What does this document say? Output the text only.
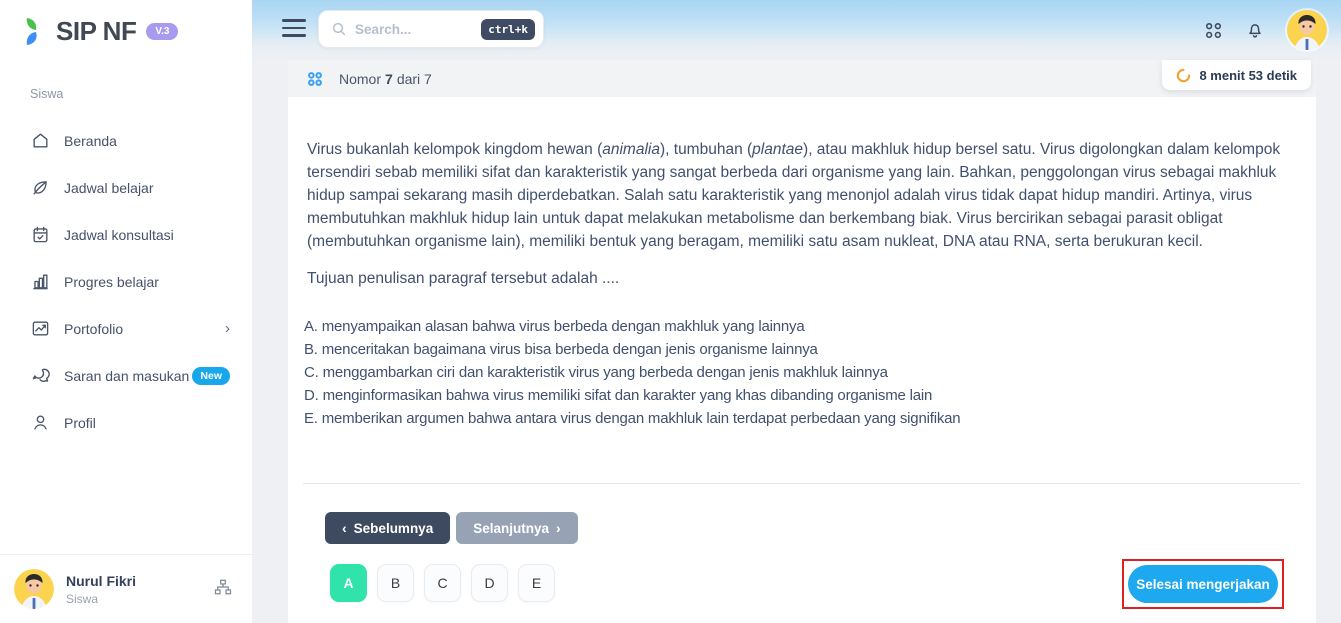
SIP NF	V.3
Siswa
Beranda
Jadwal belajar
Jadwal konsultasi
Progres belajar
Portofolio	›
Saran dan masukan	New
Profil
Nurul Fikri
Siswa
Search...
ctrl+k
Nomor 7 dari 7

Virus bukanlah kelompok kingdom hewan (animalia), tumbuhan (plantae), atau makhluk hidup bersel satu. Virus digolongkan dalam kelompok tersendiri sebab memiliki sifat dan karakteristik yang sangat berbeda dari organisme yang lain. Bahkan, penggolongan virus sebagai makhluk hidup sampai sekarang masih diperdebatkan. Salah satu karakteristik yang menonjol adalah virus tidak dapat hidup mandiri. Artinya, virus membutuhkan makhluk hidup lain untuk dapat melakukan metabolisme dan berkembang biak. Virus bercirikan sebagai parasit obligat (membutuhkan organisme lain), memiliki bentuk yang beragam, memiliki satu asam nukleat, DNA atau RNA, serta berukuran kecil.

Tujuan penulisan paragraf tersebut adalah ....

A. menyampaikan alasan bahwa virus berbeda dengan makhluk yang lainnya
B. menceritakan bagaimana virus bisa berbeda dengan jenis organisme lainnya
C. menggambarkan ciri dan karakteristik virus yang berbeda dengan jenis makhluk lainnya
D. menginformasikan bahwa virus memiliki sifat dan karakter yang khas dibanding organisme lain
E. memberikan argumen bahwa antara virus dengan makhluk lain terdapat perbedaan yang signifikan
‹ Sebelumnya	Selanjutnya ›
A	B	C	D	E	Selesai mengerjakan
8 menit 53 detik
